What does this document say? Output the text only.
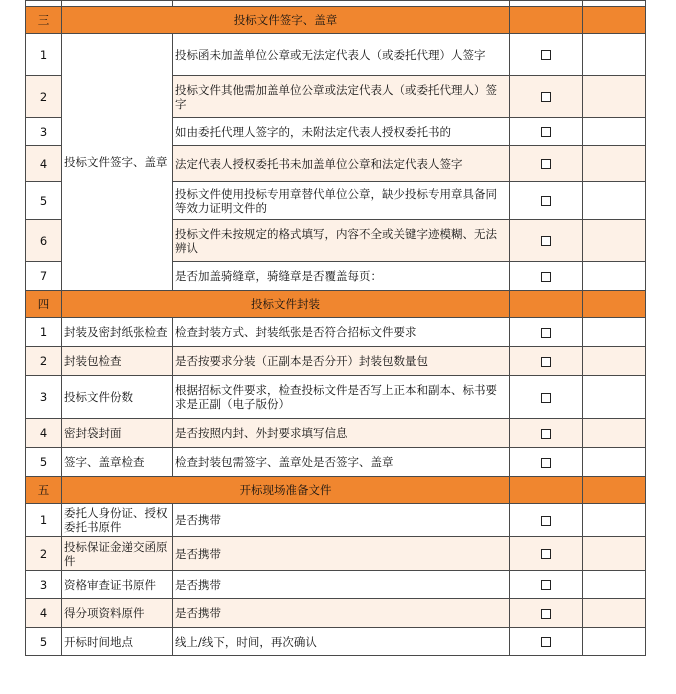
三	投标文件签字、盖章			
1	投标文件签字、盖章	投标函未加盖单位公章或无法定代表人（或委托代理）人签字		
2		投标文件其他需加盖单位公章或法定代表人（或委托代理人）签字		
3		如由委托代理人签字的，未附法定代表人授权委托书的		
4		法定代表人授权委托书未加盖单位公章和法定代表人签字		
5		投标文件使用投标专用章替代单位公章，缺少投标专用章具备同等效力证明文件的		
6		投标文件未按规定的格式填写，内容不全或关键字迹模糊、无法辨认		
7		是否加盖骑缝章，骑缝章是否覆盖每页：		
四	投标文件封装			
1	封装及密封纸张检查	检查封装方式、封装纸张是否符合招标文件要求		
2	封装包检查	是否按要求分装（正副本是否分开）封装包数量包		
3	投标文件份数	根据招标文件要求，检查投标文件是否写上正本和副本、标书要求是正副（电子版份）		
4	密封袋封面	是否按照内封、外封要求填写信息		
5	签字、盖章检查	检查封装包需签字、盖章处是否签字、盖章		
五	开标现场准备文件			
1	委托人身份证、授权委托书原件	是否携带		
2	投标保证金递交函原件	是否携带		
3	资格审查证书原件	是否携带		
4	得分项资料原件	是否携带		
5	开标时间地点	线上/线下，时间，再次确认		
